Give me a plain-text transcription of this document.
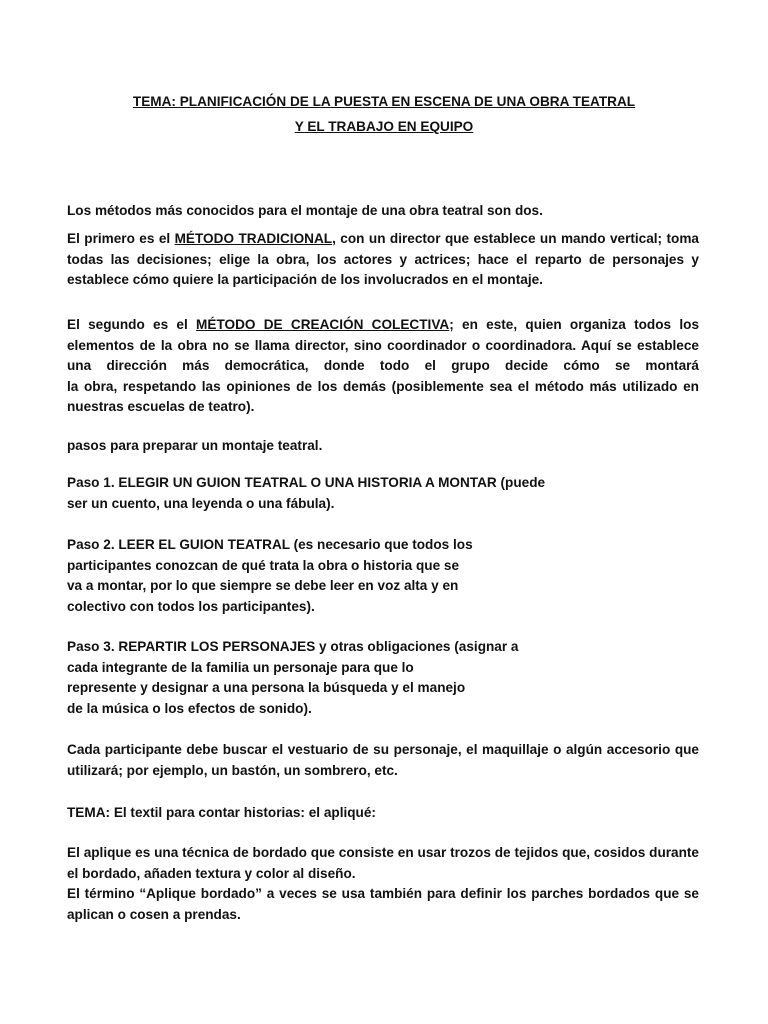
TEMA: PLANIFICACIÓN DE LA PUESTA EN ESCENA DE UNA OBRA TEATRAL
Y EL TRABAJO EN EQUIPO
Los métodos más conocidos para el montaje de una obra teatral son dos.
El primero es el MÉTODO TRADICIONAL, con un director que establece un mando vertical; toma todas las decisiones; elige la obra, los actores y actrices; hace el reparto de personajes y establece cómo quiere la participación de los involucrados en el montaje.
El segundo es el MÉTODO DE CREACIÓN COLECTIVA; en este, quien organiza todos los elementos de la obra no se llama director, sino coordinador o coordinadora. Aquí se establece una dirección más democrática, donde todo el grupo decide cómo se montará
la obra, respetando las opiniones de los demás (posiblemente sea el método más utilizado en nuestras escuelas de teatro).
pasos para preparar un montaje teatral.
Paso 1. ELEGIR UN GUION TEATRAL O UNA HISTORIA A MONTAR (puede
ser un cuento, una leyenda o una fábula).
Paso 2. LEER EL GUION TEATRAL (es necesario que todos los
participantes conozcan de qué trata la obra o historia que se
va a montar, por lo que siempre se debe leer en voz alta y en
colectivo con todos los participantes).
Paso 3. REPARTIR LOS PERSONAJES y otras obligaciones (asignar a
cada integrante de la familia un personaje para que lo
represente y designar a una persona la búsqueda y el manejo
de la música o los efectos de sonido).
Cada participante debe buscar el vestuario de su personaje, el maquillaje o algún accesorio que utilizará; por ejemplo, un bastón, un sombrero, etc.
TEMA: El textil para contar historias: el apliqué:
El aplique es una técnica de bordado que consiste en usar trozos de tejidos que, cosidos durante el bordado, añaden textura y color al diseño.
El término “Aplique bordado” a veces se usa también para definir los parches bordados que se aplican o cosen a prendas.
